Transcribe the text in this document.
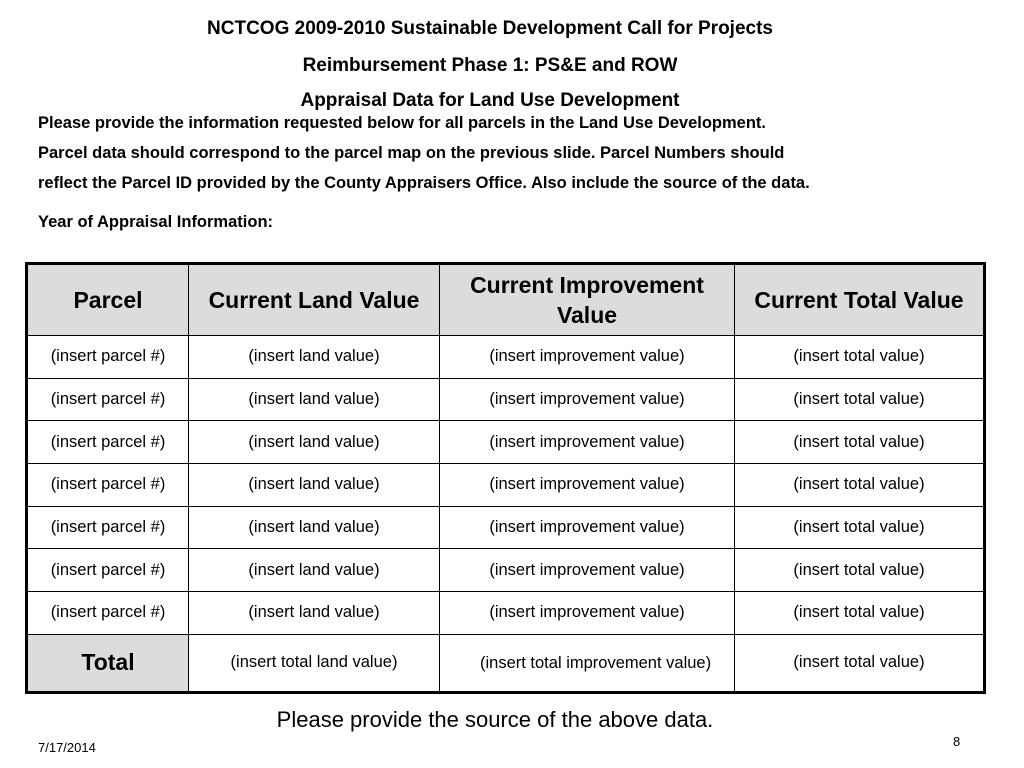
NCTCOG 2009-2010 Sustainable Development Call for Projects
Reimbursement Phase 1: PS&E and ROW
Appraisal Data for Land Use Development
Please provide the information requested below for all parcels in the Land Use Development.
Parcel data should correspond to the parcel map on the previous slide. Parcel Numbers should
reflect the Parcel ID provided by the County Appraisers Office. Also include the source of the data.
Year of Appraisal Information:
Parcel	Current Land Value	Current Improvement Value	Current Total Value
(insert parcel #)	(insert land value)	(insert improvement value)	(insert total value)
(insert parcel #)	(insert land value)	(insert improvement value)	(insert total value)
(insert parcel #)	(insert land value)	(insert improvement value)	(insert total value)
(insert parcel #)	(insert land value)	(insert improvement value)	(insert total value)
(insert parcel #)	(insert land value)	(insert improvement value)	(insert total value)
(insert parcel #)	(insert land value)	(insert improvement value)	(insert total value)
(insert parcel #)	(insert land value)	(insert improvement value)	(insert total value)
Total	(insert total land value)	(insert total improvement value)	(insert total value)
Please provide the source of the above data.
7/17/2014	8
